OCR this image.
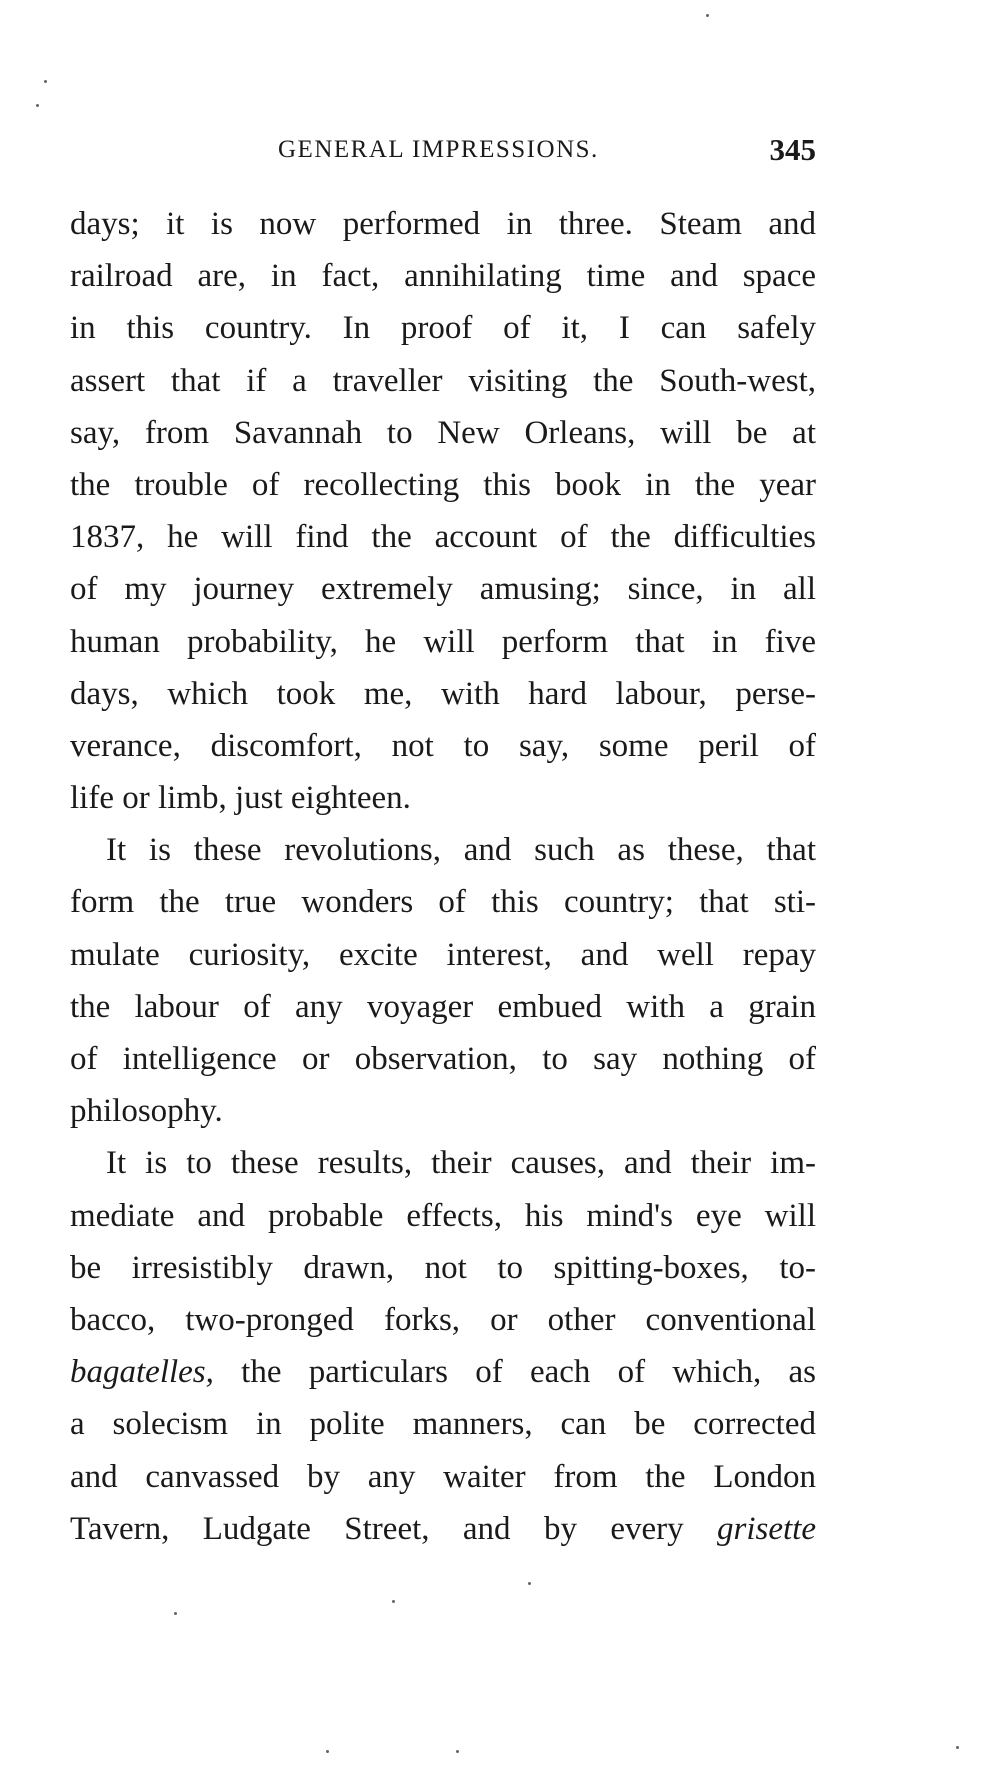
GENERAL IMPRESSIONS.	345
days; it is now performed in three. Steam and
railroad are, in fact, annihilating time and space
in this country. In proof of it, I can safely
assert that if a traveller visiting the South-west,
say, from Savannah to New Orleans, will be at
the trouble of recollecting this book in the year
1837, he will find the account of the difficulties
of my journey extremely amusing; since, in all
human probability, he will perform that in five
days, which took me, with hard labour, perse-
verance, discomfort, not to say, some peril of
life or limb, just eighteen.
It is these revolutions, and such as these, that
form the true wonders of this country; that sti-
mulate curiosity, excite interest, and well repay
the labour of any voyager embued with a grain
of intelligence or observation, to say nothing of
philosophy.
It is to these results, their causes, and their im-
mediate and probable effects, his mind's eye will
be irresistibly drawn, not to spitting-boxes, to-
bacco, two-pronged forks, or other conventional
bagatelles, the particulars of each of which, as
a solecism in polite manners, can be corrected
and canvassed by any waiter from the London
Tavern, Ludgate Street, and by every grisette
